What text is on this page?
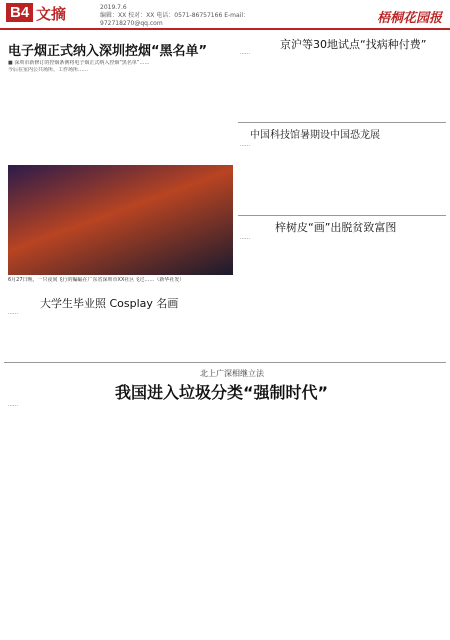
B4 文摘	2019.7.6
编辑：XX 校对：XX 电话：0571-86757166 E-mail：972718270@qq.com	梧桐花园报
电子烟正式纳入深圳控烟“黑名单”

■ 深圳市新修订的控烟条例将电子烟正式纳入控烟“黑名单”……

今后在室内公共场所、工作场所……

6月27日晚，一只夜间飞行的蝙蝠在广东省深圳市XX社区飞过……（新华社发）
京沪等30地试点“找病种付费”

……

中国科技馆暑期设中国恐龙展

……

梓树皮“画”出脱贫致富图

……

大学生毕业照 Cosplay 名画

……

北上广深相继立法
我国进入垃圾分类“强制时代”

……
